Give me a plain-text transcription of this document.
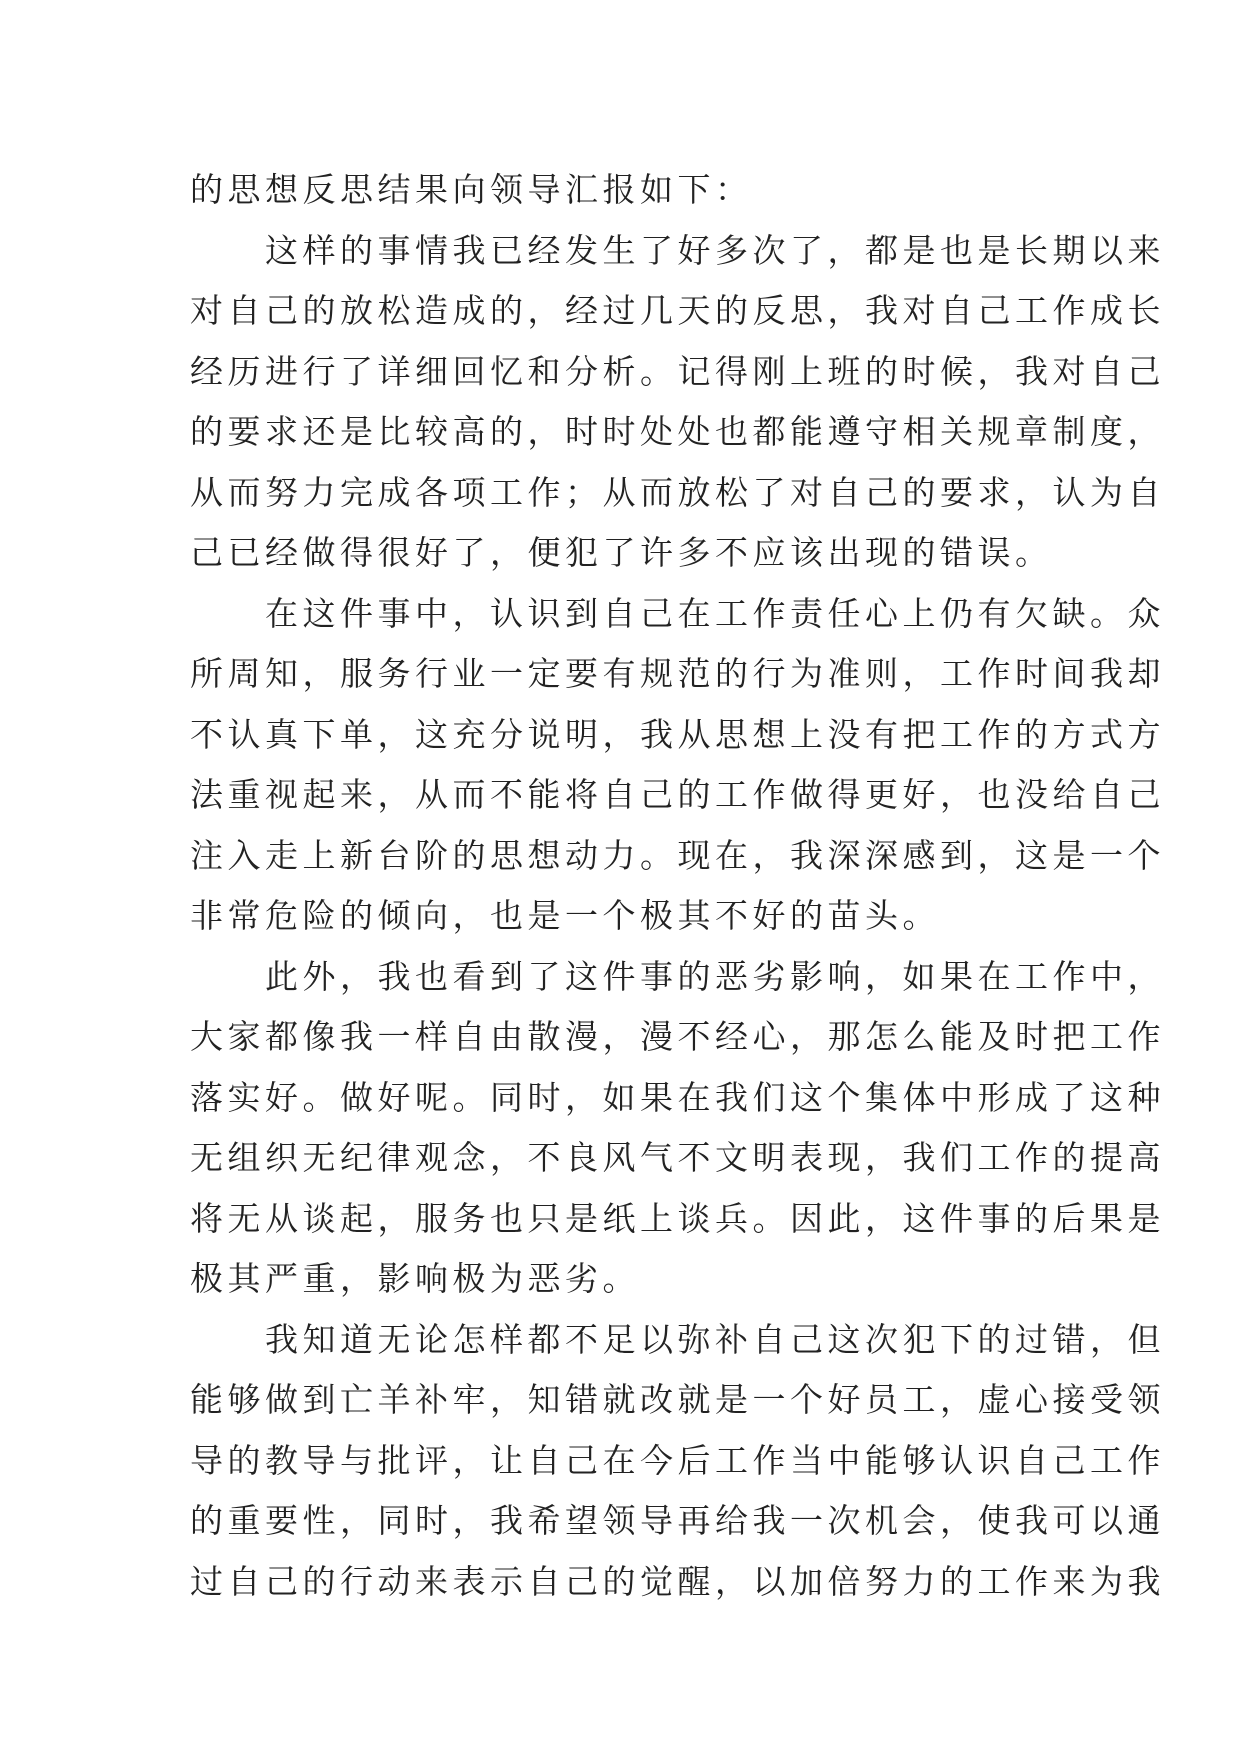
的思想反思结果向领导汇报如下：
　　这样的事情我已经发生了好多次了，都是也是长期以来
对自己的放松造成的，经过几天的反思，我对自己工作成长
经历进行了详细回忆和分析。记得刚上班的时候，我对自己
的要求还是比较高的，时时处处也都能遵守相关规章制度，
从而努力完成各项工作；从而放松了对自己的要求，认为自
己已经做得很好了，便犯了许多不应该出现的错误。
　　在这件事中，认识到自己在工作责任心上仍有欠缺。众
所周知，服务行业一定要有规范的行为准则，工作时间我却
不认真下单，这充分说明，我从思想上没有把工作的方式方
法重视起来，从而不能将自己的工作做得更好，也没给自己
注入走上新台阶的思想动力。现在，我深深感到，这是一个
非常危险的倾向，也是一个极其不好的苗头。
　　此外，我也看到了这件事的恶劣影响，如果在工作中，
大家都像我一样自由散漫，漫不经心，那怎么能及时把工作
落实好。做好呢。同时，如果在我们这个集体中形成了这种
无组织无纪律观念，不良风气不文明表现，我们工作的提高
将无从谈起，服务也只是纸上谈兵。因此，这件事的后果是
极其严重，影响极为恶劣。
　　我知道无论怎样都不足以弥补自己这次犯下的过错，但
能够做到亡羊补牢，知错就改就是一个好员工，虚心接受领
导的教导与批评，让自己在今后工作当中能够认识自己工作
的重要性，同时，我希望领导再给我一次机会，使我可以通
过自己的行动来表示自己的觉醒，以加倍努力的工作来为我
